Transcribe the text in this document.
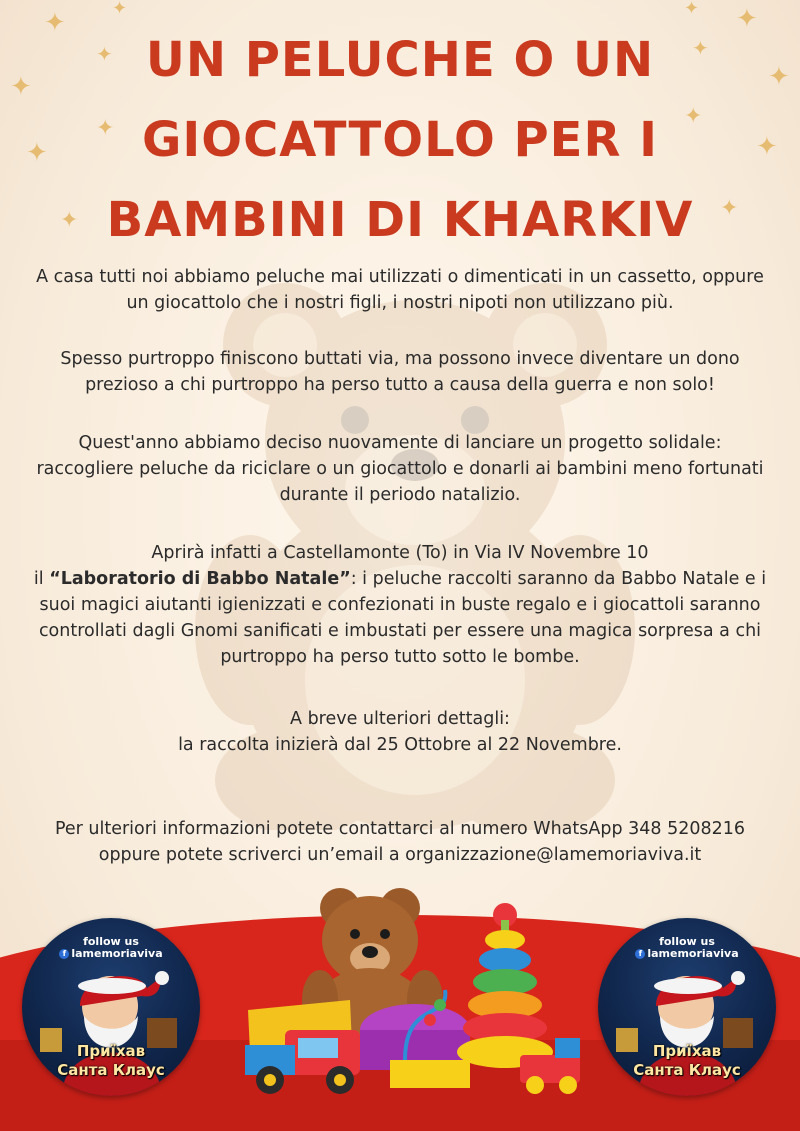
✦
✦
✦
✦
✦
✦
✦	✦ ✦
✦
✦
✦
✦
✦
UN PELUCHE O UN
GIOCATTOLO PER I
BAMBINI DI KHARKIV
A casa tutti noi abbiamo peluche mai utilizzati o dimenticati in un cassetto, oppure un giocattolo che i nostri figli, i nostri nipoti non utilizzano più.
Spesso purtroppo finiscono buttati via, ma possono invece diventare un dono prezioso a chi purtroppo ha perso tutto a causa della guerra e non solo!
Quest'anno abbiamo deciso nuovamente di lanciare un progetto solidale: raccogliere peluche da riciclare o un giocattolo e donarli ai bambini meno fortunati durante il periodo natalizio.
Aprirà infatti a Castellamonte (To) in Via IV Novembre 10
il “Laboratorio di Babbo Natale”: i peluche raccolti saranno da Babbo Natale e i suoi magici aiutanti igienizzati e confezionati in buste regalo e i giocattoli saranno controllati dagli Gnomi sanificati e imbustati per essere una magica sorpresa a chi purtroppo ha perso tutto sotto le bombe.
A breve ulteriori dettagli:
la raccolta inizierà dal 25 Ottobre al 22 Novembre.
Per ulteriori informazioni potete contattarci al numero WhatsApp 348 5208216
oppure potete scriverci un’email a organizzazione@lamemoriaviva.it
follow us
f lamemoriaviva
Приїхав
Санта Клаус
follow us
f lamemoriaviva
Приїхав
Санта Клаус
